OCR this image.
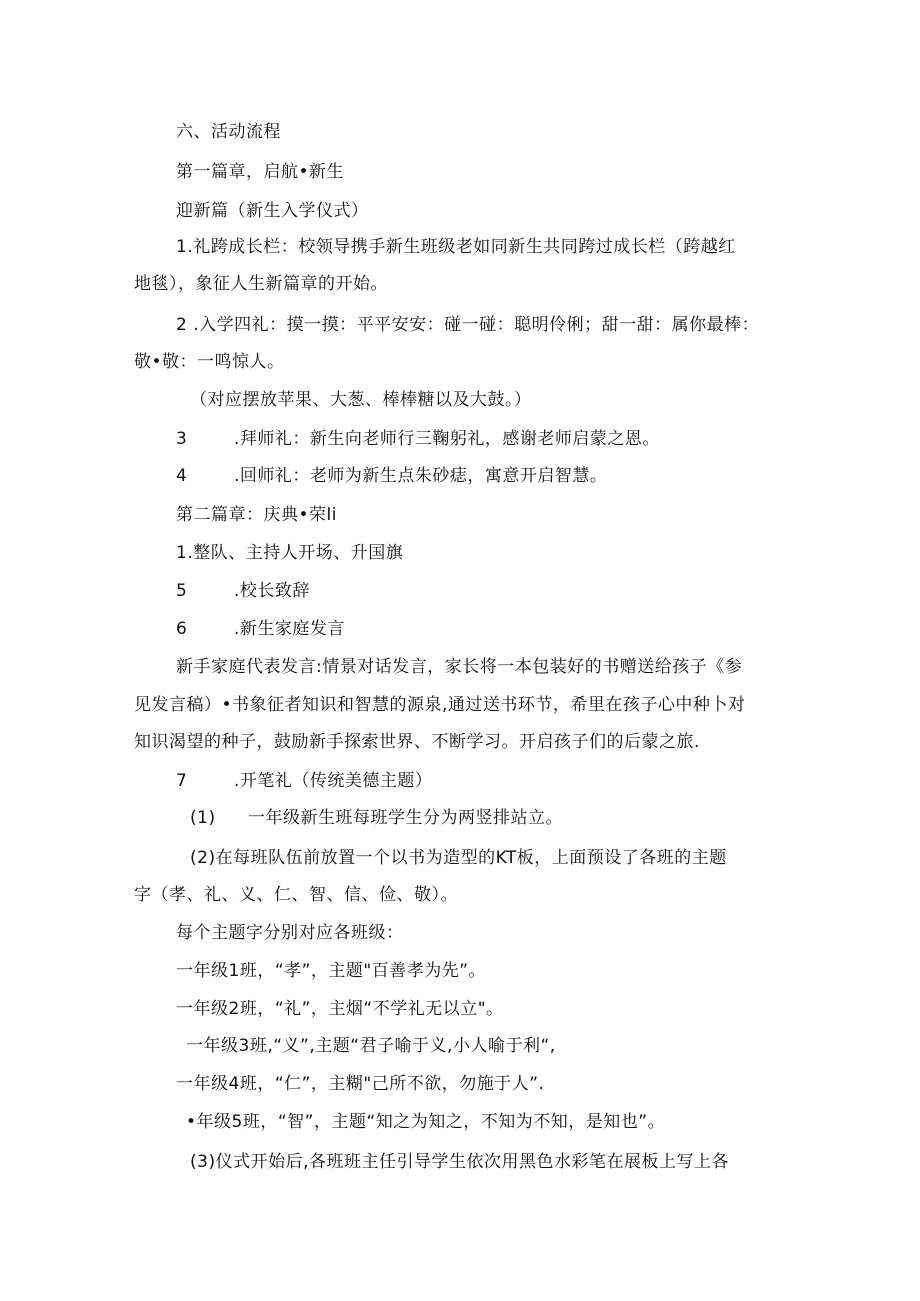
六、活动流程
第一篇章，启航•新生
迎新篇（新生入学仪式）
1.礼跨成长栏：校领导携手新生班级老如同新生共同跨过成长栏（跨越红
地毯），象征人生新篇章的开始。
2 .入学四礼：摸一摸：平平安安：碰一碰：聪明伶俐；甜一甜：属你最棒：
敬•敬：一鸣惊人。
（对应摆放苹果、大葱、棒棒糖以及大鼓。）
3	.拜师礼：新生向老师行三鞠躬礼，感谢老师启蒙之恩。
4	.回师礼：老师为新生点朱砂痣，寓意开启智慧。
第二篇章：庆典•荣li
1.整队、主持人开场、升国旗
5	.校长致辞
6	.新生家庭发言
新手家庭代表发言:情景对话发言，家长将一本包装好的书赠送给孩子《参
见发言稿）•书象征者知识和智慧的源泉,通过送书环节，希里在孩子心中种卜对
知识渴望的种子，鼓励新手探索世界、不断学习。开启孩子们的后蒙之旅.
7	.开笔礼（传统美德主题）
(1) 一年级新生班每班学生分为两竖排站立。
(2)在每班队伍前放置一个以书为造型的KT板，上面预设了各班的主题
字（孝、礼、义、仁、智、信、俭、敬）。
每个主题字分别对应各班级：
一年级1班，“孝”，主题"百善孝为先”。
一年级2班，“礼”，主烟“不学礼无以立"。
一年级3班,“义”,主题“君子喻于义,小人喻于利“,
一年级4班，“仁”，主糊"己所不欲，勿施于人”.
•年级5班，“智”，主题“知之为知之，不知为不知，是知也”。
(3)仪式开始后,各班班主任引导学生依次用黑色水彩笔在展板上写上各
